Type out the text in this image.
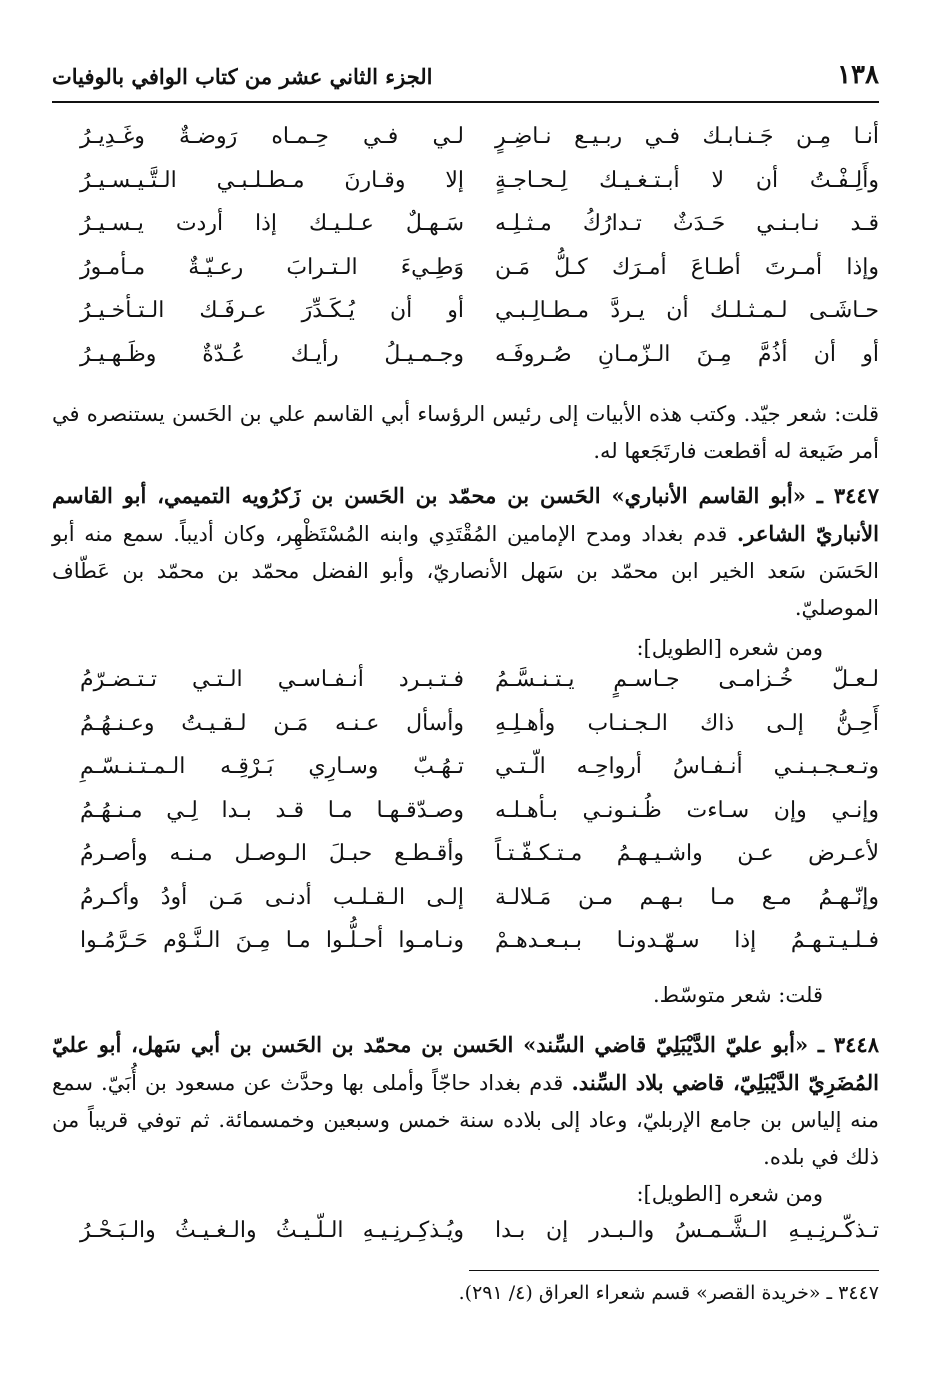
١٣٨
الجزء الثاني عشر من كتاب الوافي بالوفيات
أنـا مِـن جَـنـابـك فـي ربـيـع نـاضِـرٍ
لـي فـي حِـمـاه رَوضـةٌ وغَـدِيـرُ
وأَلِـفْـتُ أن لا أبـتـغـيـك لِـحـاجـةٍ
إلا وقـارنَ مـطـلـبـي الـتَّـيـسـيـرُ
قـد نـابـنـي حَـدَثٌ تـدارُكُ مـثـلِـه
سَـهـلٌ عـلـيـك إذا أردت يـسـيـرُ
وإذا أمـرتَ أطـاعَ أمـرَك كـلُّ مَـن
وَطِـيءَ الـتـرابَ رعـيّـةٌ مـأمـورُ
حـاشَـى لـمـثـلـك أن يـردَّ مـطـالِـبـي
أو أن يُـكَـدِّرَ عـرفَـك الـتـأخـيـرُ
أو أن أذُمَّ مِـنَ الـزّمـانِ صُـروفَـه
وجـمـيـلُ رأيـك عُـدّةٌ وظَـهـيـرُ
قلت: شعر جيّد. وكتب هذه الأبيات إلى رئيس الرؤساء أبي القاسم علي بن الحَسن يستنصره في أمر ضَيعة له أقطعت فارتَجَعها له.
٣٤٤٧ ـ «أبو القاسم الأنباري» الحَسن بن محمّد بن الحَسن بن زَكرُويه التميمي، أبو القاسم الأنباريّ الشاعر. قدم بغداد ومدح الإمامين المُقْتَدِي وابنه المُسْتَظْهِر، وكان أديباً. سمع منه أبو الحَسَن سَعد الخير ابن محمّد بن سَهل الأنصاريّ، وأبو الفضل محمّد بن محمّد بن عَطّاف الموصليّ.
ومن شعره [الطويل]:
لـعـلّ خُـزامـى جـاسـمٍ يـتـنـسَّـمُ
فـتـبـرد أنـفـاسـي الـتـي تـتـضـرّمُ
أَحِـنُّ إلـى ذاك الـجـنـاب وأهـلِـهِ
وأسأل عـنـه مَـن لـقـيـتُ وعـنـهُـمُ
وتـعـجـبـنـي أنـفـاسُ أرواحِـه الّـتـي
تـهُـبّ وسـارِي بَـرْقِـه الـمـتـنـسّـمِ
وإنـي وإن سـاءت ظُـنـونـي بـأهـلـه
وصـدّقـهـا مـا قـد بـدا لِـي مـنـهُـمُ
لأعـرض عـن واشـيـهـمُ مـتـكـفّـتـاً
وأقـطـع حبـلَ الـوصـل مـنـه وأصـرمُ
وإنّـهـمُ مـع مـا بـهـم مـن مَـلالـة
إلـى الـقـلـب أدنـى مَـن أودُ وأكـرمُ
فـلـيـتـهـمُ إذا سـهّـدونـا بـبـعـدهـمْ
ونـامـوا أحـلُّـوا مـا مِـنَ الـنَّـوْم حَـرَّمُـوا
قلت: شعر متوسّط.
٣٤٤٨ ـ «أبو عليّ الدَّيْبَلِيّ قاضي السِّند» الحَسن بن محمّد بن الحَسن بن أبي سَهل، أبو عليّ المُضَرِيّ الدَّيْبَلِيّ، قاضي بلاد السِّند. قدم بغداد حاجّاً وأملى بها وحدَّث عن مسعود بن أُبَيّ. سمع منه إلياس بن جامع الإربليّ، وعاد إلى بلاده سنة خمس وسبعين وخمسمائة. ثم توفي قريباً من ذلك في بلده.
ومن شعره [الطويل]:
تـذكّـرنِـيـهِ الـشَّـمـسُ والـبـدر إن بـدا
ويُـذكِـرنِـيـهِ الـلّـيـثُ والـغـيـثُ والـبَـحْـرُ
٣٤٤٧ ـ «خريدة القصر» قسم شعراء العراق (٤/ ٢٩١).
